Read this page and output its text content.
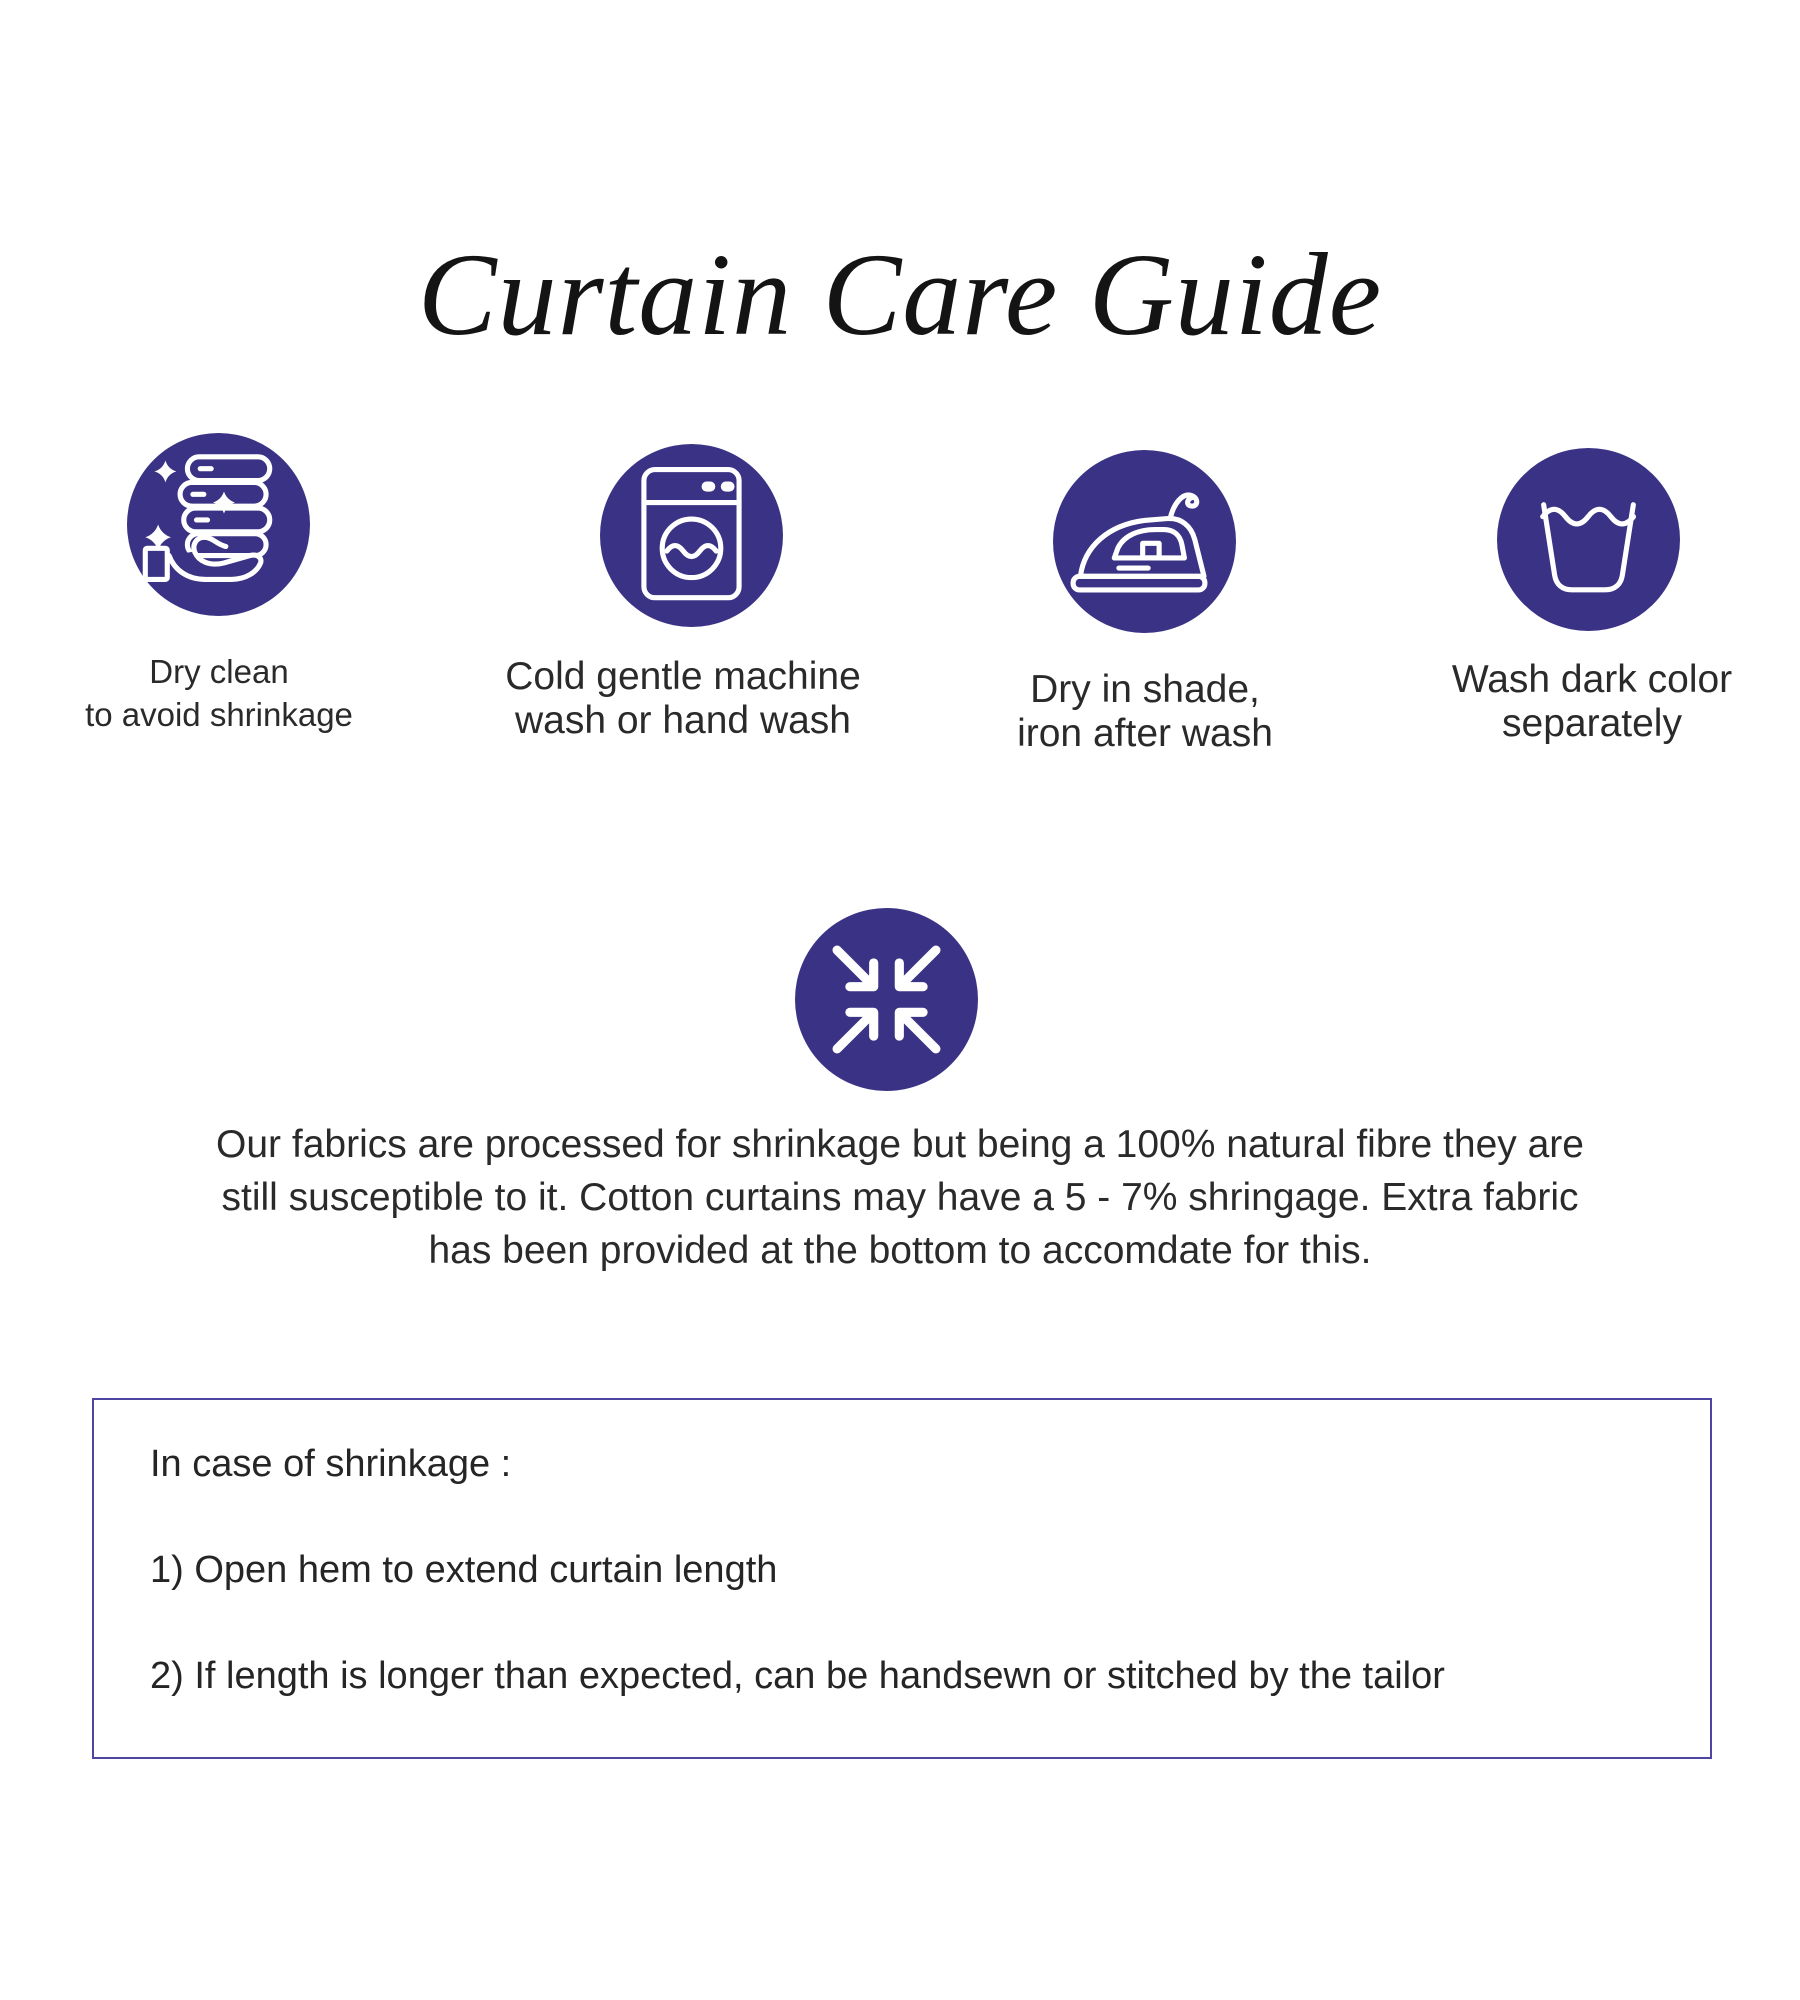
Curtain Care Guide
Dry clean
to avoid shrinkage
Cold gentle machine
wash or hand wash
Dry in shade,
iron after wash
Wash dark color
separately
Our fabrics are processed for shrinkage but being a 100% natural fibre they are
still susceptible to it. Cotton curtains may have a 5 - 7% shringage. Extra fabric
has been provided at the bottom to accomdate for this.
In case of shrinkage :
1) Open hem to extend curtain length
2) If length is longer than expected, can be handsewn or stitched by the tailor
